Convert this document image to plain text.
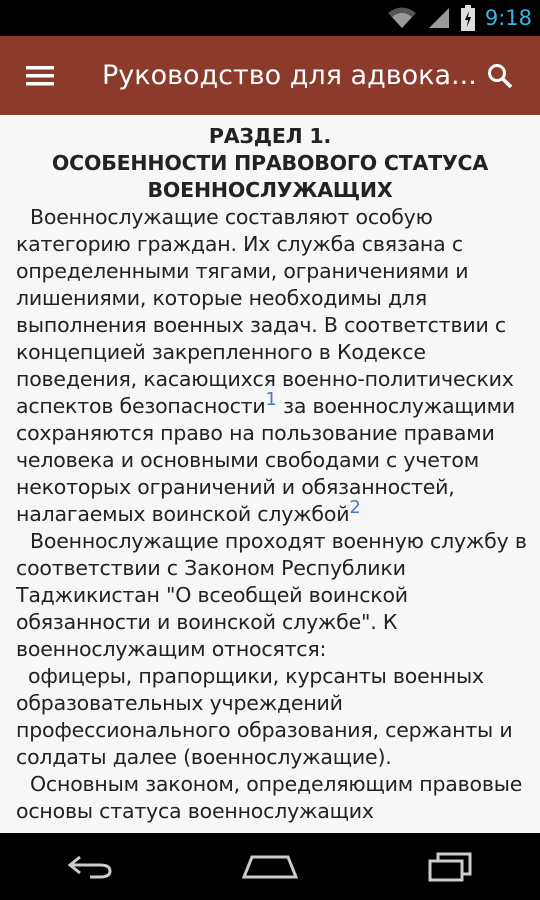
9:18
Руководство для адвока...
РАЗДЕЛ 1.
ОСОБЕННОСТИ ПРАВОВОГО СТАТУСА
ВОЕННОСЛУЖАЩИХ

Военнослужащие составляют особую категорию граждан. Их служба связана с определенными тягами, ограничениями и лишениями, которые необходимы для выполнения военных задач. В соответствии с концепцией закрепленного в Кодексе поведения, касающихся военно-политических аспектов безопасности1 за военнослужащими сохраняются право на пользование правами человека и основными свободами с учетом некоторых ограничений и обязанностей, налагаемых воинской службой2

Военнослужащие проходят военную службу в соответствии с Законом Республики Таджикистан "О всеобщей воинской обязанности и воинской службе". К военнослужащим относятся:

офицеры, прапорщики, курсанты военных образовательных учреждений профессионального образования, сержанты и солдаты далее (военнослужащие).

Основным законом, определяющим правовые основы статуса военнослужащих
